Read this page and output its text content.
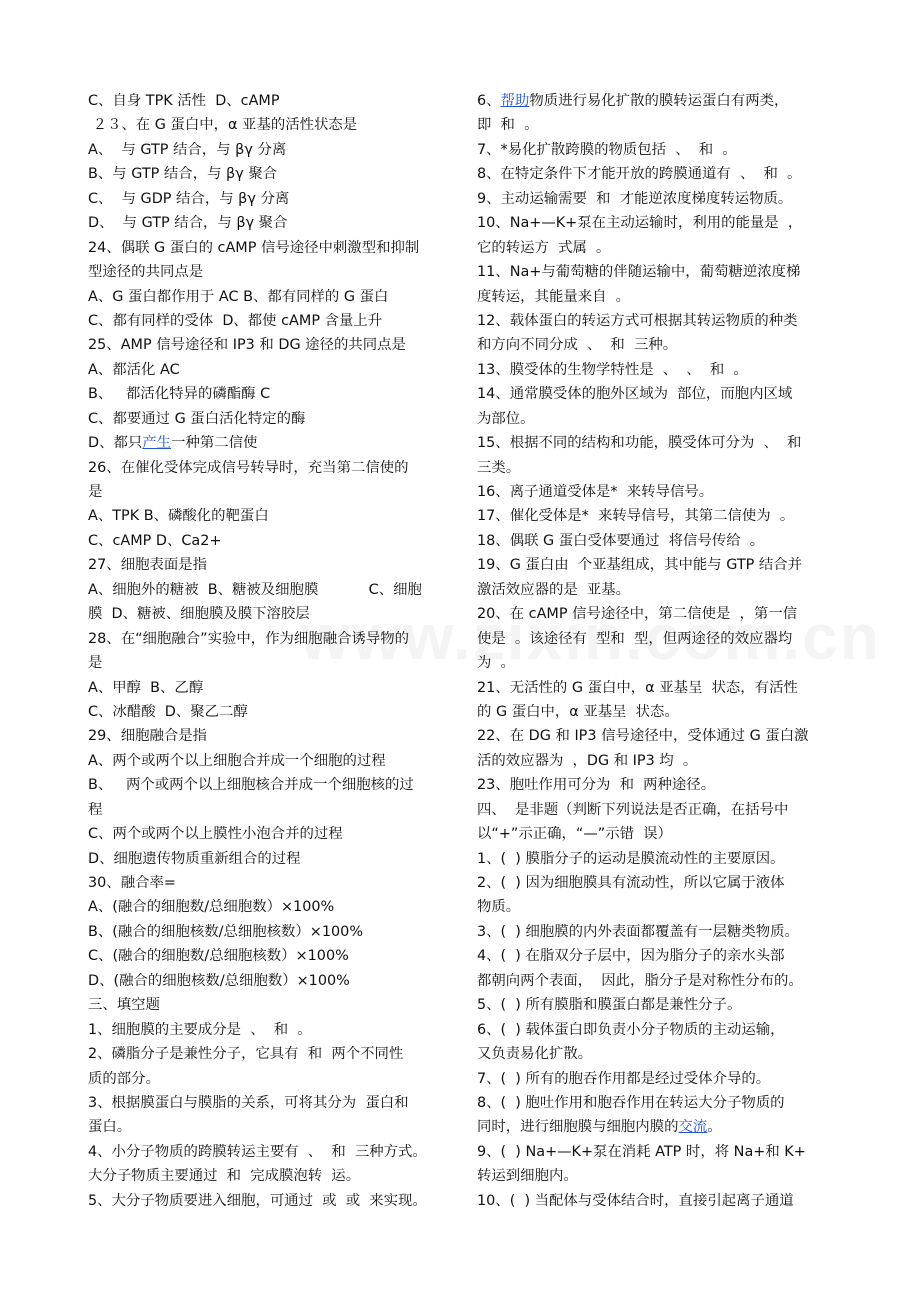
C、自身 TPK 活性  D、cAMP
２３、在 G 蛋白中，α 亚基的活性状态是
A、  与 GTP 结合，与 βγ 分离
B、与 GTP 结合，与 βγ 聚合
C、  与 GDP 结合，与 βγ 分离
D、  与 GTP 结合，与 βγ 聚合
24、偶联 G 蛋白的 cAMP 信号途径中刺激型和抑制
型途径的共同点是
A、G 蛋白都作用于 AC B、都有同样的 G 蛋白
C、都有同样的受体  D、都使 cAMP 含量上升
25、AMP 信号途径和 IP3 和 DG 途径的共同点是
A、都活化 AC
B、   都活化特异的磷酯酶 C
C、都要通过 G 蛋白活化特定的酶
D、都只产生一种第二信使
26、在催化受体完成信号转导时，充当第二信使的
是
A、TPK B、磷酸化的靶蛋白
C、cAMP D、Ca2+
27、细胞表面是指
A、细胞外的糖被  B、糖被及细胞膜           C、细胞
膜  D、糖被、细胞膜及膜下溶胶层
28、在“细胞融合”实验中，作为细胞融合诱导物的
是
A、甲醇  B、乙醇
C、冰醋酸  D、聚乙二醇
29、细胞融合是指
A、两个或两个以上细胞合并成一个细胞的过程
B、   两个或两个以上细胞核合并成一个细胞核的过
程
C、两个或两个以上膜性小泡合并的过程
D、细胞遗传物质重新组合的过程
30、融合率=
A、(融合的细胞数/总细胞数）×100%
B、(融合的细胞核数/总细胞核数）×100%
C、(融合的细胞数/总细胞核数）×100%
D、(融合的细胞核数/总细胞数）×100%
三、填空题
1、细胞膜的主要成分是  、  和  。
2、磷脂分子是兼性分子，它具有  和  两个不同性
质的部分。
3、根据膜蛋白与膜脂的关系，可将其分为  蛋白和
蛋白。
4、小分子物质的跨膜转运主要有  、  和  三种方式。
大分子物质主要通过  和  完成膜泡转  运。
5、大分子物质要进入细胞，可通过  或  或  来实现。
6、帮助物质进行易化扩散的膜转运蛋白有两类，
即  和  。
7、*易化扩散跨膜的物质包括  、  和  。
8、在特定条件下才能开放的跨膜通道有  、  和  。
9、主动运输需要  和  才能逆浓度梯度转运物质。
10、Na+—K+泵在主动运输时，利用的能量是  ，
它的转运方  式属  。
11、Na+与葡萄糖的伴随运输中，葡萄糖逆浓度梯
度转运，其能量来自  。
12、载体蛋白的转运方式可根据其转运物质的种类
和方向不同分成  、  和  三种。
13、膜受体的生物学特性是  、  、  和  。
14、通常膜受体的胞外区域为  部位，而胞内区域
为部位。
15、根据不同的结构和功能，膜受体可分为  、  和
三类。
16、离子通道受体是*  来转导信号。
17、催化受体是*  来转导信号，其第二信使为  。
18、偶联 G 蛋白受体要通过  将信号传给  。
19、G 蛋白由  个亚基组成，其中能与 GTP 结合并
激活效应器的是  亚基。
20、在 cAMP 信号途径中，第二信使是  ，第一信
使是  。该途径有  型和  型，但两途径的效应器均
为  。
21、无活性的 G 蛋白中，α 亚基呈  状态，有活性
的 G 蛋白中，α 亚基呈  状态。
22、在 DG 和 IP3 信号途径中，受体通过 G 蛋白激
活的效应器为  ，DG 和 IP3 均  。
23、胞吐作用可分为  和  两种途径。
四、  是非题（判断下列说法是否正确，在括号中
以“+”示正确，“—”示错  误）
1、(  ) 膜脂分子的运动是膜流动性的主要原因。
2、(  ) 因为细胞膜具有流动性，所以它属于液体
物质。
3、(  ) 细胞膜的内外表面都覆盖有一层糖类物质。
4、(  ) 在脂双分子层中，因为脂分子的亲水头部
都朝向两个表面，  因此，脂分子是对称性分布的。
5、(  ) 所有膜脂和膜蛋白都是兼性分子。
6、(  ) 载体蛋白即负责小分子物质的主动运输，
又负责易化扩散。
7、(  ) 所有的胞吞作用都是经过受体介导的。
8、(  ) 胞吐作用和胞吞作用在转运大分子物质的
同时，进行细胞膜与细胞内膜的交流。
9、(  ) Na+—K+泵在消耗 ATP 时，将 Na+和 K+
转运到细胞内。
10、(  ) 当配体与受体结合时，直接引起离子通道
